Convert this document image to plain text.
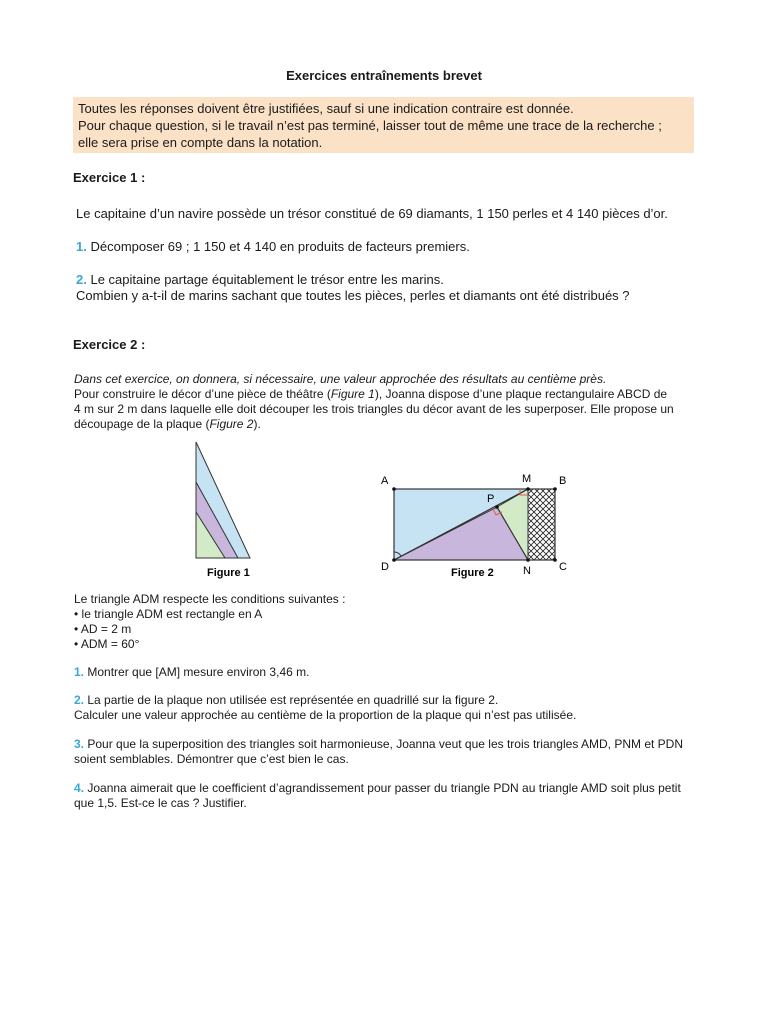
Exercices entraînements brevet
Toutes les réponses doivent être justifiées, sauf si une indication contraire est donnée.
Pour chaque question, si le travail n’est pas terminé, laisser tout de même une trace de la recherche ;
elle sera prise en compte dans la notation.
Exercice 1 :
Le capitaine d’un navire possède un trésor constitué de 69 diamants, 1 150 perles et 4 140 pièces d’or.
1. Décomposer 69 ; 1 150 et 4 140 en produits de facteurs premiers.
2. Le capitaine partage équitablement le trésor entre les marins.
Combien y a-t-il de marins sachant que toutes les pièces, perles et diamants ont été distribués ?
Exercice 2 :
Dans cet exercice, on donnera, si nécessaire, une valeur approchée des résultats au centième près.
Pour construire le décor d’une pièce de théâtre (Figure 1), Joanna dispose d’une plaque rectangulaire ABCD de
4 m sur 2 m dans laquelle elle doit découper les trois triangles du décor avant de les superposer. Elle propose un
découpage de la plaque (Figure 2).
Figure 1
A	B
C
D
M
N
P
Figure 2
Le triangle ADM respecte les conditions suivantes :
• le triangle ADM est rectangle en A
• AD = 2 m
• ADM = 60°
1. Montrer que [AM] mesure environ 3,46 m.
2. La partie de la plaque non utilisée est représentée en quadrillé sur la figure 2.
Calculer une valeur approchée au centième de la proportion de la plaque qui n’est pas utilisée.
3. Pour que la superposition des triangles soit harmonieuse, Joanna veut que les trois triangles AMD, PNM et PDN
soient semblables. Démontrer que c’est bien le cas.
4. Joanna aimerait que le coefficient d’agrandissement pour passer du triangle PDN au triangle AMD soit plus petit
que 1,5. Est-ce le cas ? Justifier.
